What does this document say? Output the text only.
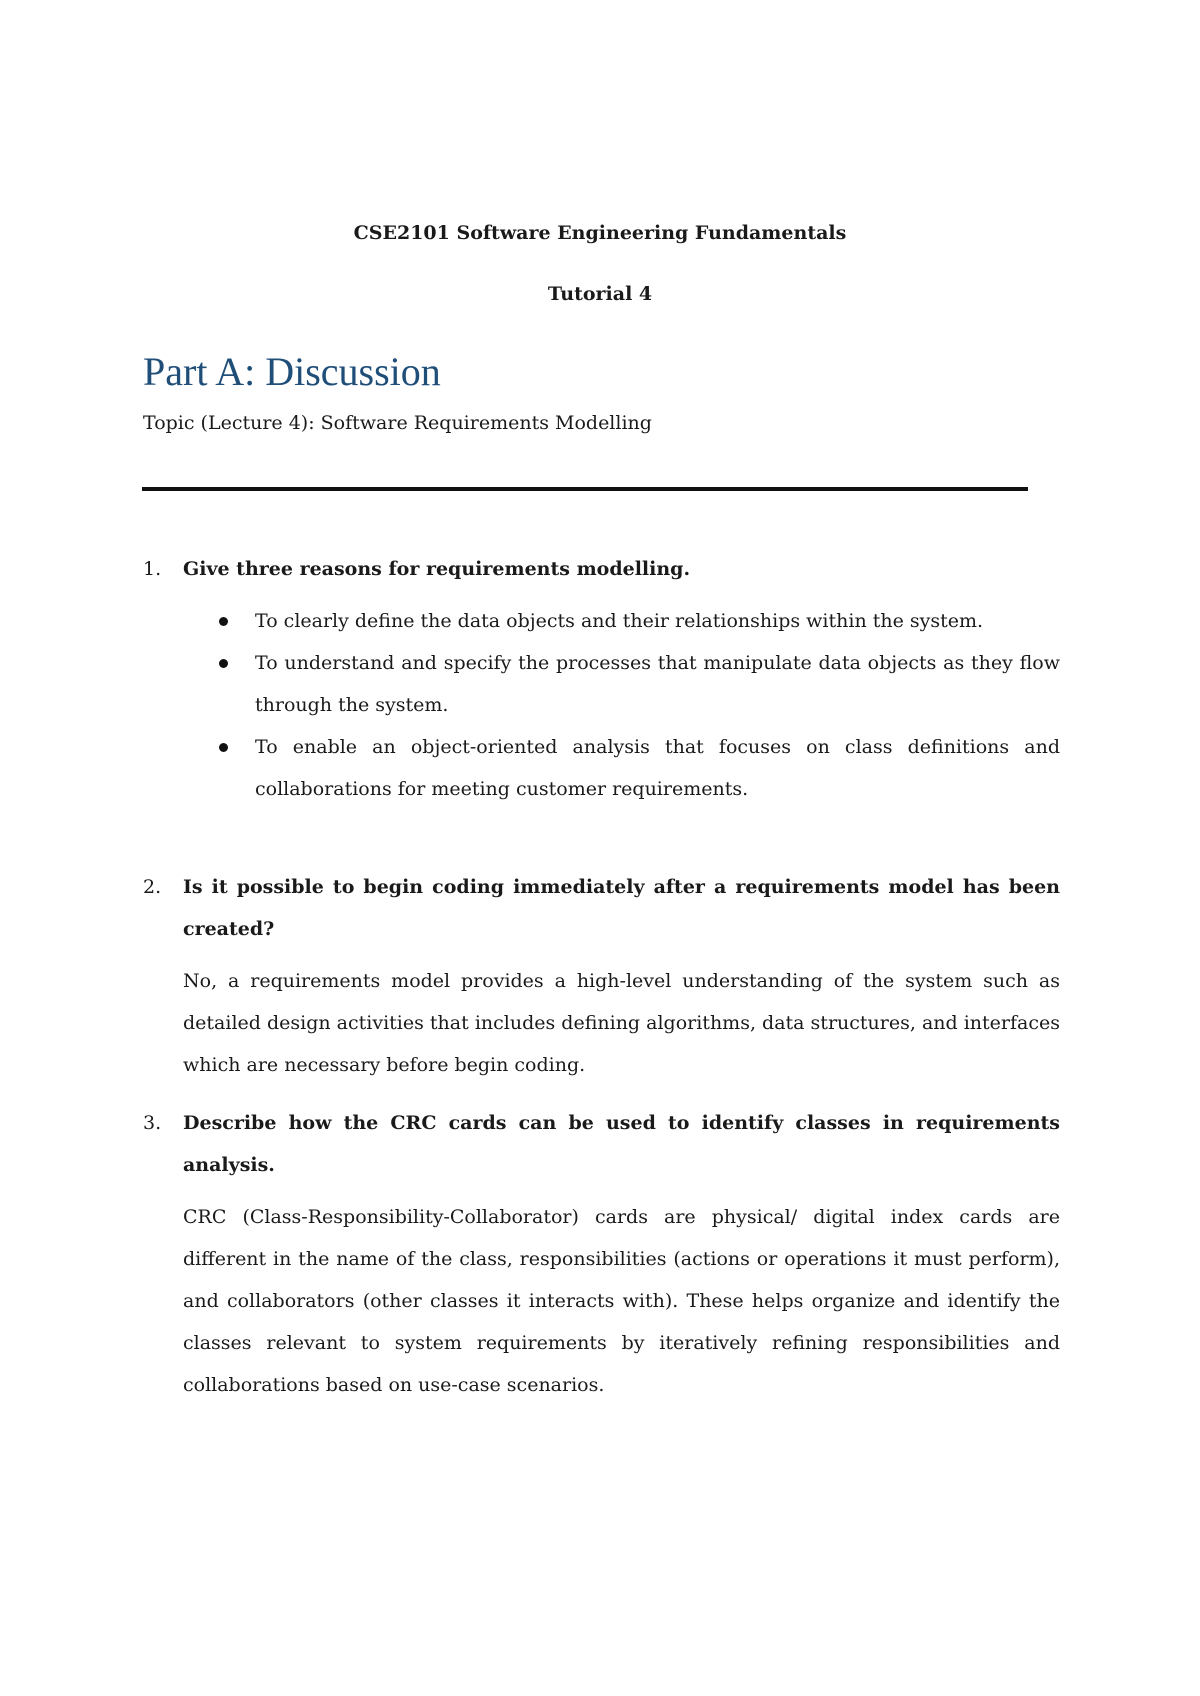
CSE2101 Software Engineering Fundamentals
Tutorial 4
Part A: Discussion
Topic (Lecture 4): Software Requirements Modelling
1. Give three reasons for requirements modelling.
To clearly define the data objects and their relationships within the system.
To understand and specify the processes that manipulate data objects as they flow through the system.
To enable an object-oriented analysis that focuses on class definitions and collaborations for meeting customer requirements.
2. Is it possible to begin coding immediately after a requirements model has been created?
No, a requirements model provides a high-level understanding of the system such as detailed design activities that includes defining algorithms, data structures, and interfaces which are necessary before begin coding.
3. Describe how the CRC cards can be used to identify classes in requirements analysis.
CRC (Class-Responsibility-Collaborator) cards are physical/ digital index cards are different in the name of the class, responsibilities (actions or operations it must perform), and collaborators (other classes it interacts with). These helps organize and identify the classes relevant to system requirements by iteratively refining responsibilities and collaborations based on use-case scenarios.
